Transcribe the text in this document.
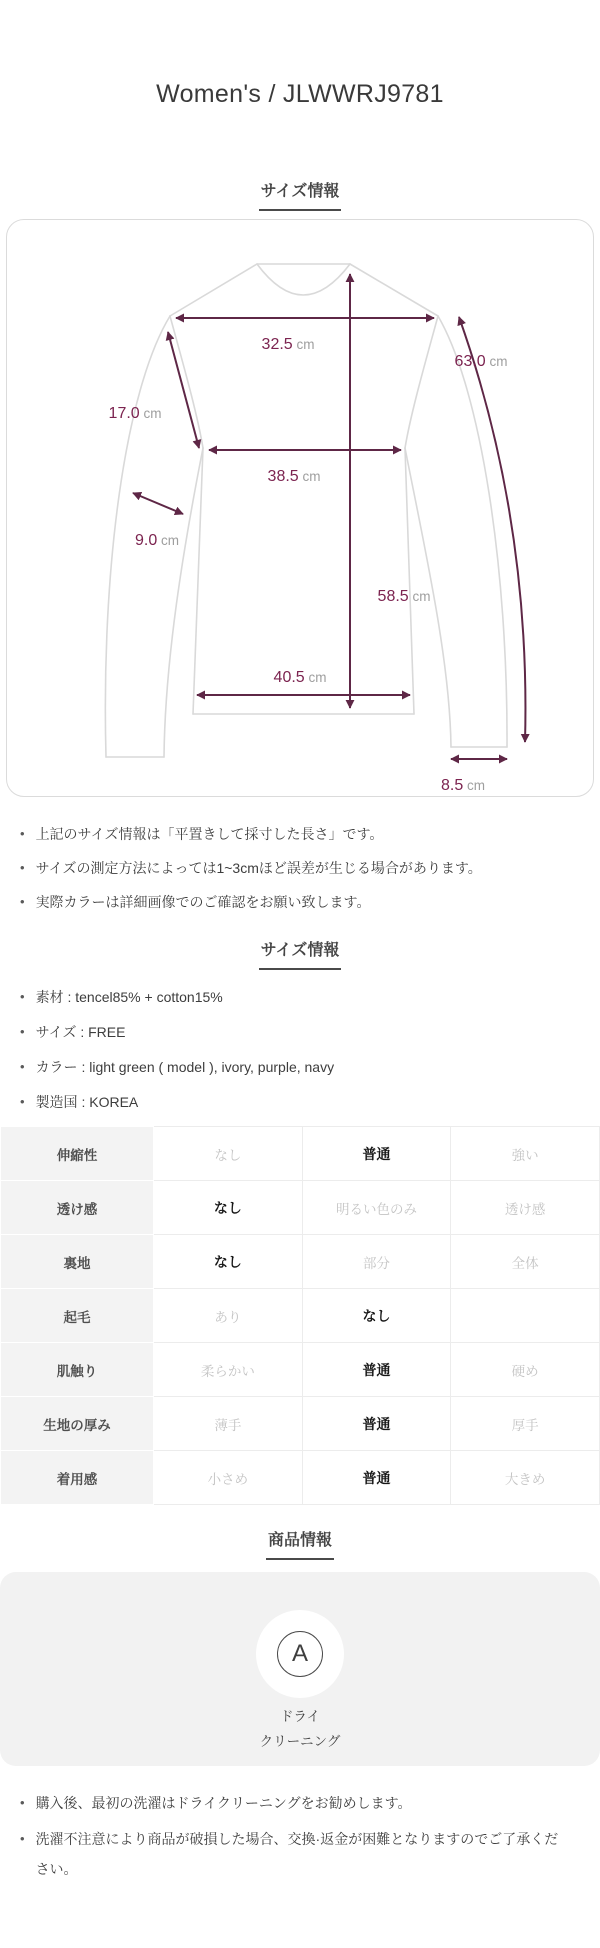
Women's / JLWWRJ9781
サイズ情報
32.5 cm
63.0 cm
17.0 cm
38.5 cm
9.0 cm
58.5 cm
40.5 cm
8.5 cm
• 上記のサイズ情報は「平置きして採寸した長さ」です。
• サイズの測定方法によっては1~3cmほど誤差が生じる場合があります。
• 実際カラーは詳細画像でのご確認をお願い致します。
サイズ情報
• 素材 : tencel85% + cotton15%
• サイズ : FREE
• カラー : light green ( model ), ivory, purple, navy
• 製造国 : KOREA
伸縮性	なし	普通	強い
透け感	なし	明るい色のみ	透け感
裏地	なし	部分	全体
起毛	あり	なし	
肌触り	柔らかい	普通	硬め
生地の厚み	薄手	普通	厚手
着用感	小さめ	普通	大きめ
商品情報
A
ドライ
クリーニング
• 購入後、最初の洗濯はドライクリーニングをお勧めします。
• 洗濯不注意により商品が破損した場合、交換·返金が困難となりますのでご了承ください。
